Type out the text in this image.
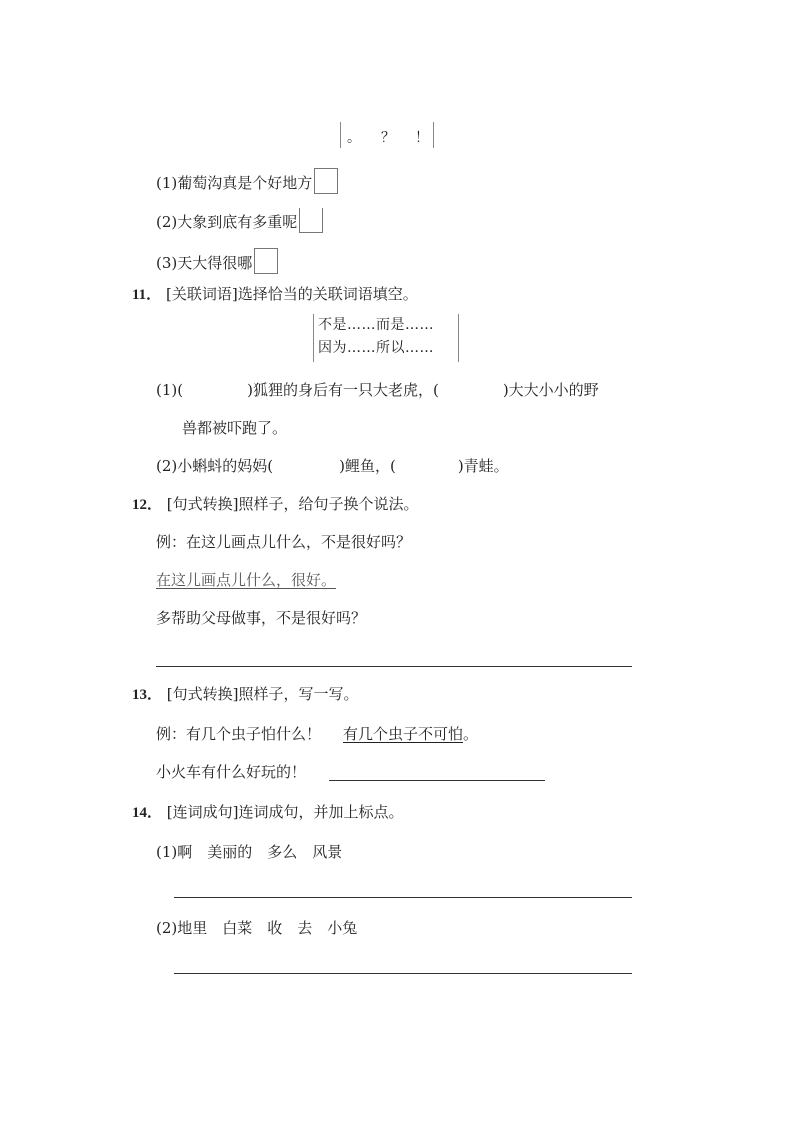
。 ？ ！
(1)葡萄沟真是个好地方
(2)大象到底有多重呢
(3)天大得很哪
11． [关联词语]选择恰当的关联词语填空。
不是……而是……
因为……所以……
(1)(	)狐狸的身后有一只大老虎，(	)大大小小的野
兽都被吓跑了。
(2)小蝌蚪的妈妈(	)鲤鱼，(	)青蛙。
12． [句式转换]照样子，给句子换个说法。
例：在这儿画点儿什么，不是很好吗？
在这儿画点儿什么，很好。
多帮助父母做事，不是很好吗？
13． [句式转换]照样子，写一写。
例：有几个虫子怕什么！ 有几个虫子不可怕。
小火车有什么好玩的！
14． [连词成句]连词成句，并加上标点。
(1)啊　美丽的　多么　风景
(2)地里　白菜　收　去　小兔
